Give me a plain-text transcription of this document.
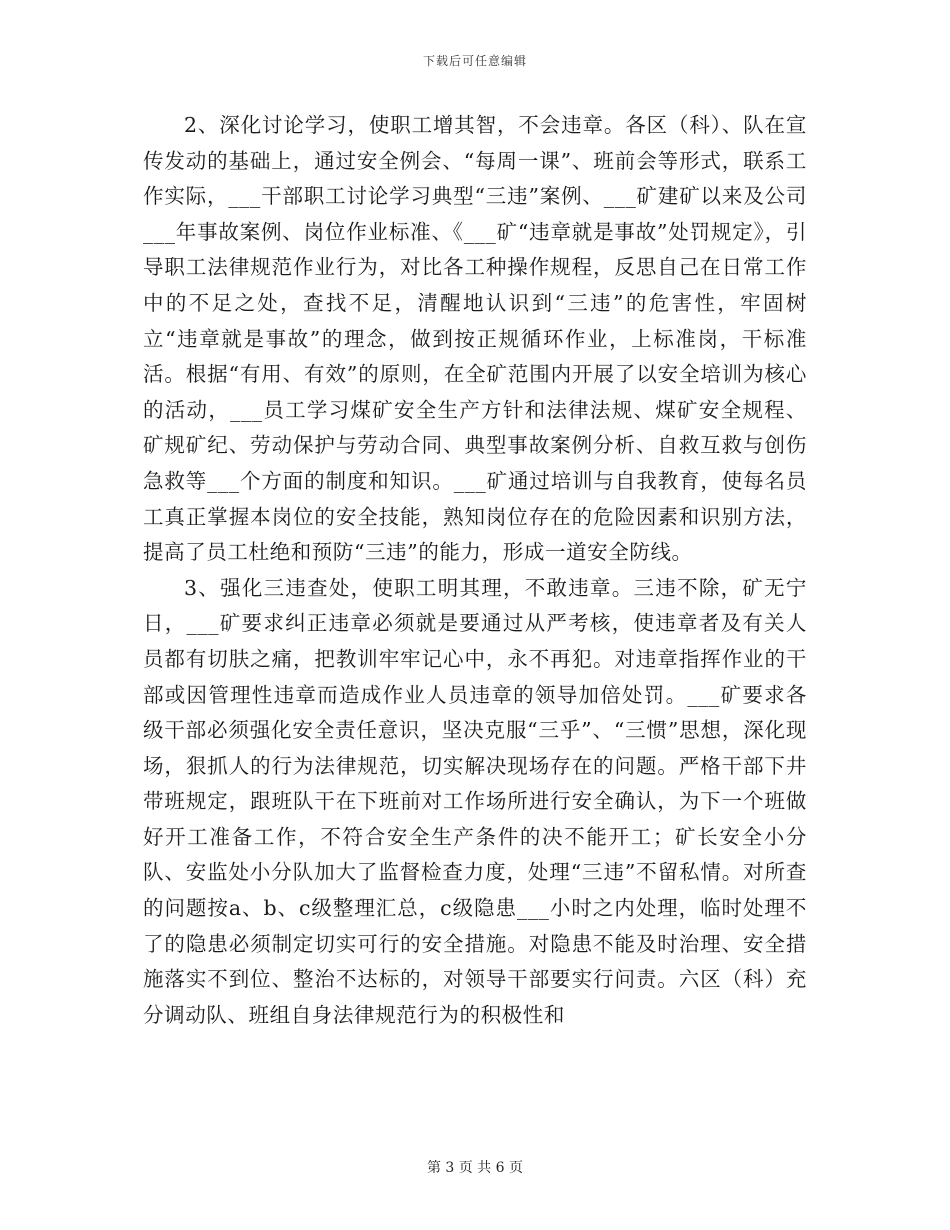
下载后可任意编辑

2、深化讨论学习，使职工增其智，不会违章。各区（科）、队在宣传发动的基础上，通过安全例会、“每周一课”、班前会等形式，联系工作实际，___干部职工讨论学习典型“三违”案例、___矿建矿以来及公司___年事故案例、岗位作业标准、《___矿“违章就是事故”处罚规定》，引导职工法律规范作业行为，对比各工种操作规程，反思自己在日常工作中的不足之处，查找不足，清醒地认识到“三违”的危害性，牢固树立“违章就是事故”的理念，做到按正规循环作业，上标准岗，干标准活。根据“有用、有效”的原则，在全矿范围内开展了以安全培训为核心的活动，___员工学习煤矿安全生产方针和法律法规、煤矿安全规程、矿规矿纪、劳动保护与劳动合同、典型事故案例分析、自救互救与创伤急救等___个方面的制度和知识。___矿通过培训与自我教育，使每名员工真正掌握本岗位的安全技能，熟知岗位存在的危险因素和识别方法，提高了员工杜绝和预防“三违”的能力，形成一道安全防线。

3、强化三违查处，使职工明其理，不敢违章。三违不除，矿无宁日，___矿要求纠正违章必须就是要通过从严考核，使违章者及有关人员都有切肤之痛，把教训牢牢记心中，永不再犯。对违章指挥作业的干部或因管理性违章而造成作业人员违章的领导加倍处罚。___矿要求各级干部必须强化安全责任意识，坚决克服“三乎”、“三惯”思想，深化现场，狠抓人的行为法律规范，切实解决现场存在的问题。严格干部下井带班规定，跟班队干在下班前对工作场所进行安全确认，为下一个班做好开工准备工作，不符合安全生产条件的决不能开工；矿长安全小分队、安监处小分队加大了监督检查力度，处理“三违”不留私情。对所查的问题按a、b、c级整理汇总，c级隐患___小时之内处理，临时处理不了的隐患必须制定切实可行的安全措施。对隐患不能及时治理、安全措施落实不到位、整治不达标的，对领导干部要实行问责。六区（科）充分调动队、班组自身法律规范行为的积极性和

第 3 页 共 6 页
